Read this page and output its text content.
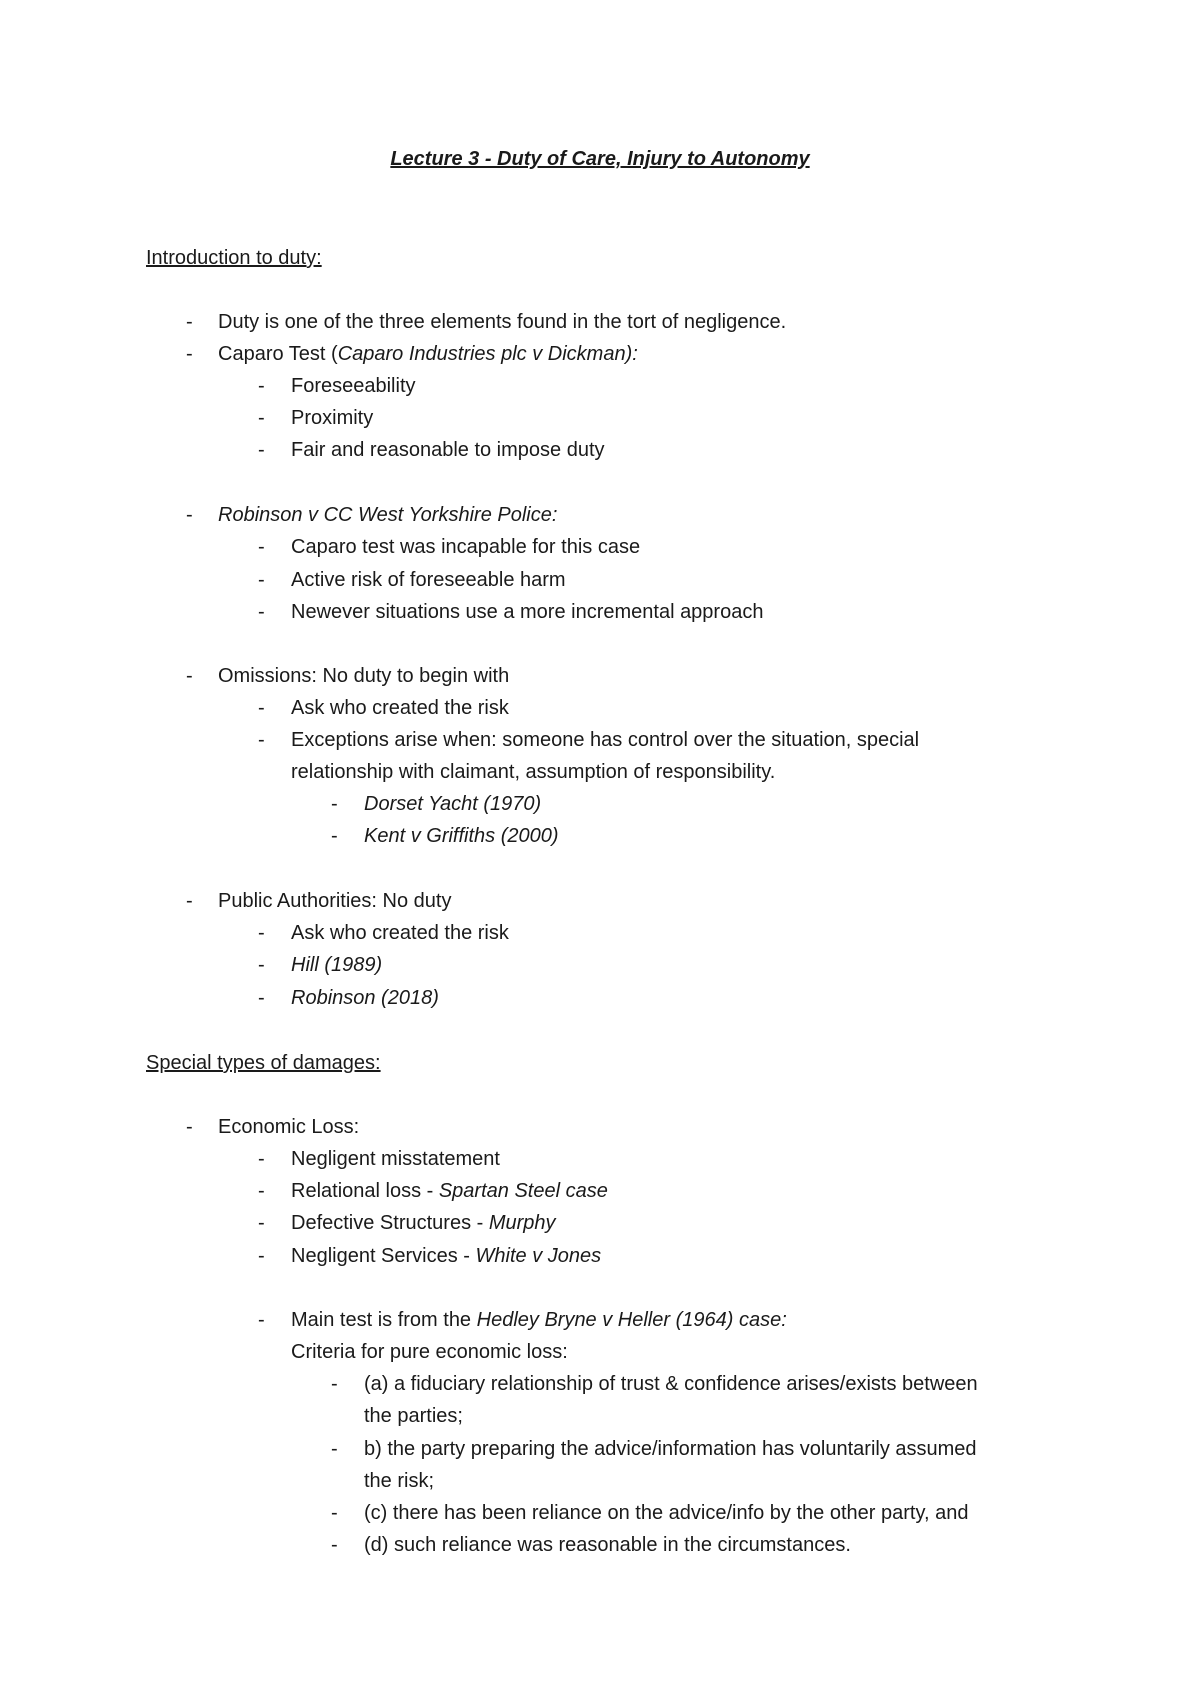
Lecture 3 - Duty of Care, Injury to Autonomy
Introduction to duty:
- Duty is one of the three elements found in the tort of negligence.
- Caparo Test (Caparo Industries plc v Dickman):
- Foreseeability
- Proximity
- Fair and reasonable to impose duty
- Robinson v CC West Yorkshire Police:
- Caparo test was incapable for this case
- Active risk of foreseeable harm
- Newever situations use a more incremental approach
- Omissions: No duty to begin with
- Ask who created the risk
- Exceptions arise when: someone has control over the situation, special
relationship with claimant, assumption of responsibility.
- Dorset Yacht (1970)
- Kent v Griffiths (2000)
- Public Authorities: No duty
- Ask who created the risk
- Hill (1989)
- Robinson (2018)
Special types of damages:
- Economic Loss:
- Negligent misstatement
- Relational loss - Spartan Steel case
- Defective Structures - Murphy
- Negligent Services - White v Jones
- Main test is from the Hedley Bryne v Heller (1964) case:
Criteria for pure economic loss:
- (a) a fiduciary relationship of trust & confidence arises/exists between
the parties;
- b) the party preparing the advice/information has voluntarily assumed
the risk;
- (c) there has been reliance on the advice/info by the other party, and
- (d) such reliance was reasonable in the circumstances.
